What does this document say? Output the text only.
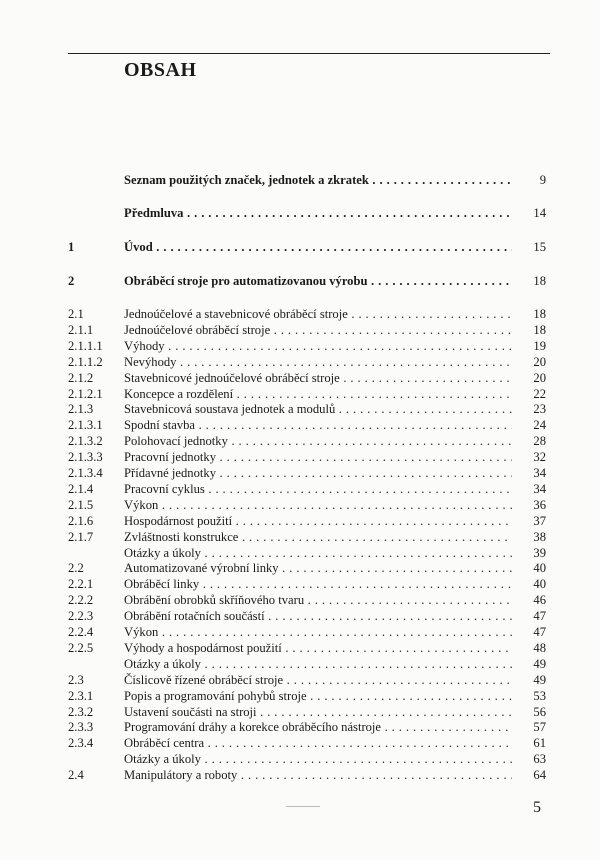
OBSAH
Seznam použitých značek, jednotek a zkratek . .	9
Předmluva . .	14
1	Úvod . .	15
2	Obráběcí stroje pro automatizovanou výrobu . .	18
2.1	Jednoúčelové a stavebnicové obráběcí stroje . .	18
2.1.1 Jednoúčelové obráběcí stroje . .	18
2.1.1.1 Výhody . .	19
2.1.1.2 Nevýhody . .	20
2.1.2 Stavebnicové jednoúčelové obráběcí stroje . .	20
2.1.2.1 Koncepce a rozdělení . .	22
2.1.3 Stavebnicová soustava jednotek a modulů . .	23
2.1.3.1 Spodní stavba . .	24
2.1.3.2 Polohovací jednotky . .	28
2.1.3.3 Pracovní jednotky . .	32
2.1.3.4 Přídavné jednotky . .	34
2.1.4 Pracovní cyklus . .	34
2.1.5 Výkon . .	36
2.1.6 Hospodárnost použití . .	37
2.1.7 Zvláštnosti konstrukce . .	38
Otázky a úkoly . .	39
2.2	Automatizované výrobní linky . .	40
2.2.1 Obráběcí linky . .	40
2.2.2 Obrábění obrobků skříňového tvaru . .	46
2.2.3 Obrábění rotačních součástí . .	47
2.2.4 Výkon . .	47
2.2.5 Výhody a hospodárnost použití . .	48
Otázky a úkoly . .	49
2.3	Číslicově řízené obráběcí stroje . .	49
2.3.1 Popis a programování pohybů stroje . .	53
2.3.2 Ustavení součásti na stroji . .	56
2.3.3 Programování dráhy a korekce obráběcího nástroje . .	57
2.3.4 Obráběcí centra . .	61
Otázky a úkoly . .	63
2.4	Manipulátory a roboty . .	64
5
